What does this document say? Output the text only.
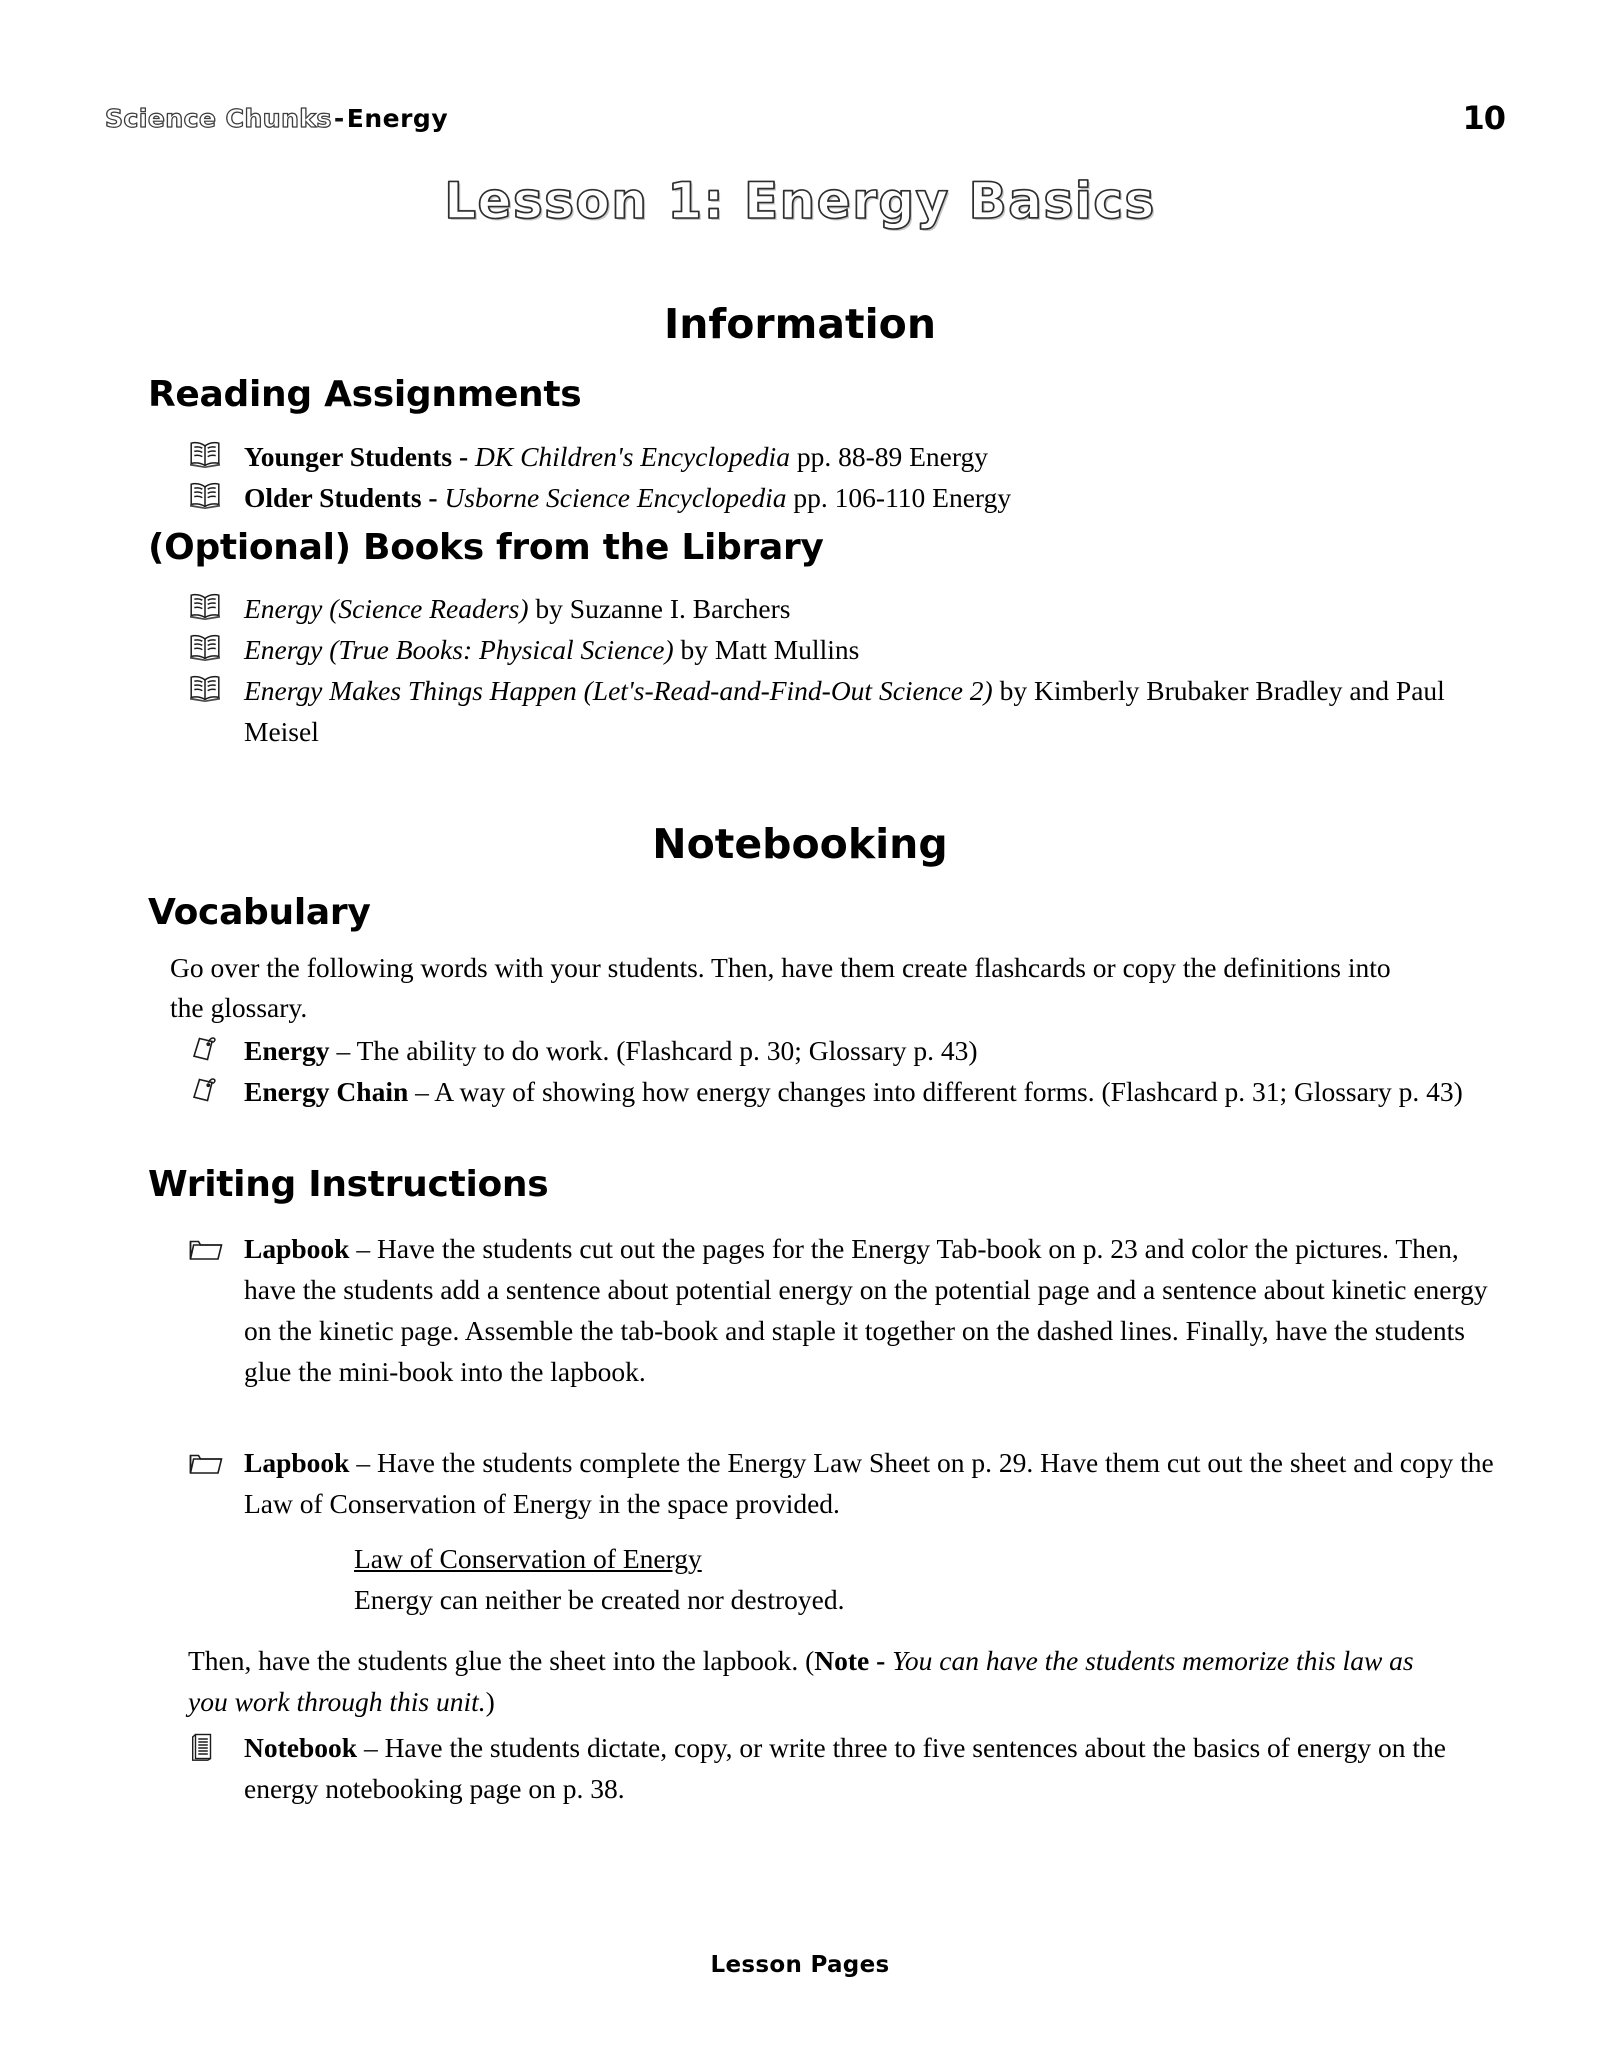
Science Chunks-Energy	10
Lesson 1: Energy Basics
Information
Reading Assignments
Younger Students - DK Children's Encyclopedia pp. 88-89 Energy
Older Students - Usborne Science Encyclopedia pp. 106-110 Energy
(Optional) Books from the Library
Energy (Science Readers) by Suzanne I. Barchers
Energy (True Books: Physical Science) by Matt Mullins
Energy Makes Things Happen (Let's-Read-and-Find-Out Science 2) by Kimberly Brubaker Bradley and Paul Meisel
Notebooking
Vocabulary
Go over the following words with your students. Then, have them create flashcards or copy the definitions into the glossary.
Energy – The ability to do work. (Flashcard p. 30; Glossary p. 43)
Energy Chain – A way of showing how energy changes into different forms. (Flashcard p. 31; Glossary p. 43)
Writing Instructions
Lapbook – Have the students cut out the pages for the Energy Tab-book on p. 23 and color the pictures. Then, have the students add a sentence about potential energy on the potential page and a sentence about kinetic energy on the kinetic page. Assemble the tab-book and staple it together on the dashed lines. Finally, have the students glue the mini-book into the lapbook.
Lapbook – Have the students complete the Energy Law Sheet on p. 29. Have them cut out the sheet and copy the Law of Conservation of Energy in the space provided.
Law of Conservation of Energy
Energy can neither be created nor destroyed.
Then, have the students glue the sheet into the lapbook. (Note - You can have the students memorize this law as you work through this unit.)
Notebook – Have the students dictate, copy, or write three to five sentences about the basics of energy on the energy notebooking page on p. 38.
Lesson Pages
